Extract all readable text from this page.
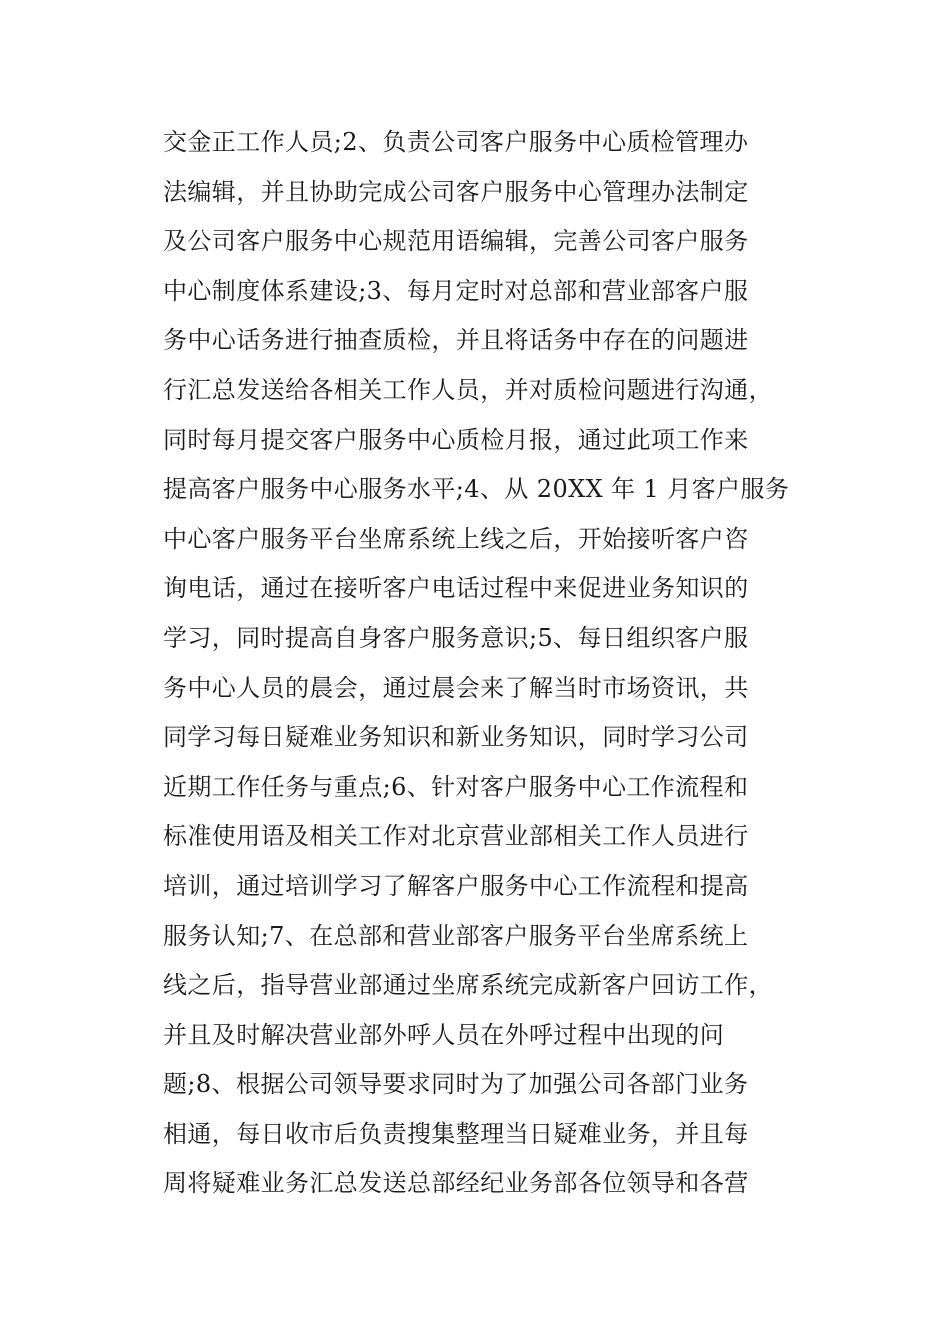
交金正工作人员;2、负责公司客户服务中心质检管理办
法编辑，并且协助完成公司客户服务中心管理办法制定
及公司客户服务中心规范用语编辑，完善公司客户服务
中心制度体系建设;3、每月定时对总部和营业部客户服
务中心话务进行抽查质检，并且将话务中存在的问题进
行汇总发送给各相关工作人员，并对质检问题进行沟通，
同时每月提交客户服务中心质检月报，通过此项工作来
提高客户服务中心服务水平;4、从 20XX 年 1 月客户服务
中心客户服务平台坐席系统上线之后，开始接听客户咨
询电话，通过在接听客户电话过程中来促进业务知识的
学习，同时提高自身客户服务意识;5、每日组织客户服
务中心人员的晨会，通过晨会来了解当时市场资讯，共
同学习每日疑难业务知识和新业务知识，同时学习公司
近期工作任务与重点;6、针对客户服务中心工作流程和
标准使用语及相关工作对北京营业部相关工作人员进行
培训，通过培训学习了解客户服务中心工作流程和提高
服务认知;7、在总部和营业部客户服务平台坐席系统上
线之后，指导营业部通过坐席系统完成新客户回访工作，
并且及时解决营业部外呼人员在外呼过程中出现的问
题;8、根据公司领导要求同时为了加强公司各部门业务
相通，每日收市后负责搜集整理当日疑难业务，并且每
周将疑难业务汇总发送总部经纪业务部各位领导和各营
